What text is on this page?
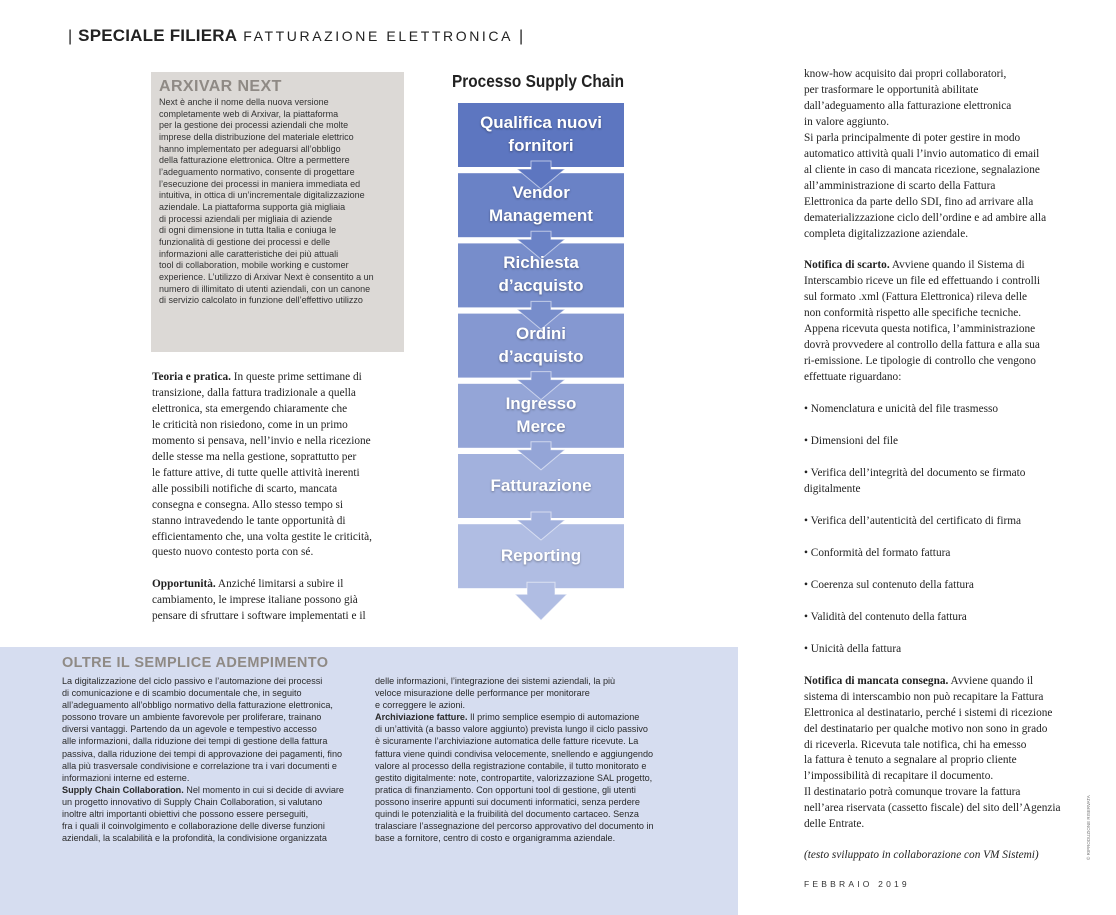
| SPECIALE FILIERA FATTURAZIONE ELETTRONICA |
ARXIVAR NEXT
Next è anche il nome della nuova versione
completamente web di Arxivar, la piattaforma
per la gestione dei processi aziendali che molte
imprese della distribuzione del materiale elettrico
hanno implementato per adeguarsi all’obbligo
della fatturazione elettronica. Oltre a permettere
l’adeguamento normativo, consente di progettare
l’esecuzione dei processi in maniera immediata ed
intuitiva, in ottica di un’incrementale digitalizzazione
aziendale. La piattaforma supporta già migliaia
di processi aziendali per migliaia di aziende
di ogni dimensione in tutta Italia e coniuga le
funzionalità di gestione dei processi e delle
informazioni alle caratteristiche dei più attuali
tool di collaboration, mobile working e customer
experience. L’utilizzo di Arxivar Next è consentito a un
numero di illimitato di utenti aziendali, con un canone
di servizio calcolato in funzione dell’effettivo utilizzo
Teoria e pratica. In queste prime settimane di
transizione, dalla fattura tradizionale a quella
elettronica, sta emergendo chiaramente che
le criticità non risiedono, come in un primo
momento si pensava, nell’invio e nella ricezione
delle stesse ma nella gestione, soprattutto per
le fatture attive, di tutte quelle attività inerenti
alle possibili notifiche di scarto, mancata
consegna e consegna. Allo stesso tempo si
stanno intravedendo le tante opportunità di
efficientamento che, una volta gestite le criticità,
questo nuovo contesto porta con sé.
Opportunità. Anziché limitarsi a subire il
cambiamento, le imprese italiane possono già
pensare di sfruttare i software implementati e il
Processo Supply Chain
Qualifica nuovi
fornitori
Vendor
Management
Richiesta
d’acquisto
Ordini
d’acquisto
Ingresso
Merce
Fatturazione
Reporting
know-how acquisito dai propri collaboratori,
per trasformare le opportunità abilitate
dall’adeguamento alla fatturazione elettronica
in valore aggiunto.
Si parla principalmente di poter gestire in modo
automatico attività quali l’invio automatico di email
al cliente in caso di mancata ricezione, segnalazione
all’amministrazione di scarto della Fattura
Elettronica da parte dello SDI, fino ad arrivare alla
dematerializzazione ciclo dell’ordine e ad ambire alla
completa digitalizzazione aziendale.
Notifica di scarto. Avviene quando il Sistema di
Interscambio riceve un file ed effettuando i controlli
sul formato .xml (Fattura Elettronica) rileva delle
non conformità rispetto alle specifiche tecniche.
Appena ricevuta questa notifica, l’amministrazione
dovrà provvedere al controllo della fattura e alla sua
ri-emissione. Le tipologie di controllo che vengono
effettuate riguardano:
• Nomenclatura e unicità del file trasmesso
• Dimensioni del file
• Verifica dell’integrità del documento se firmato
digitalmente
• Verifica dell’autenticità del certificato di firma
• Conformità del formato fattura
• Coerenza sul contenuto della fattura
• Validità del contenuto della fattura
• Unicità della fattura
Notifica di mancata consegna. Avviene quando il
sistema di interscambio non può recapitare la Fattura
Elettronica al destinatario, perché i sistemi di ricezione
del destinatario per qualche motivo non sono in grado
di riceverla. Ricevuta tale notifica, chi ha emesso
la fattura è tenuto a segnalare al proprio cliente
l’impossibilità di recapitare il documento.
Il destinatario potrà comunque trovare la fattura
nell’area riservata (cassetto fiscale) del sito dell’Agenzia
delle Entrate.
(testo sviluppato in collaborazione con VM Sistemi)
OLTRE IL SEMPLICE ADEMPIMENTO
La digitalizzazione del ciclo passivo e l’automazione dei processi
di comunicazione e di scambio documentale che, in seguito
all’adeguamento all’obbligo normativo della fatturazione elettronica,
possono trovare un ambiente favorevole per proliferare, trainano
diversi vantaggi. Partendo da un agevole e tempestivo accesso
alle informazioni, dalla riduzione dei tempi di gestione della fattura
passiva, dalla riduzione dei tempi di approvazione dei pagamenti, fino
alla più trasversale condivisione e correlazione tra i vari documenti e
informazioni interne ed esterne.
Supply Chain Collaboration. Nel momento in cui si decide di avviare
un progetto innovativo di Supply Chain Collaboration, si valutano
inoltre altri importanti obiettivi che possono essere perseguiti,
fra i quali il coinvolgimento e collaborazione delle diverse funzioni
aziendali, la scalabilità e la profondità, la condivisione organizzata
delle informazioni, l’integrazione dei sistemi aziendali, la più
veloce misurazione delle performance per monitorare
e correggere le azioni.
Archiviazione fatture. Il primo semplice esempio di automazione
di un’attività (a basso valore aggiunto) prevista lungo il ciclo passivo
è sicuramente l’archiviazione automatica delle fatture ricevute. La
fattura viene quindi condivisa velocemente, snellendo e aggiungendo
valore al processo della registrazione contabile, il tutto monitorato e
gestito digitalmente: note, contropartite, valorizzazione SAL progetto,
pratica di finanziamento. Con opportuni tool di gestione, gli utenti
possono inserire appunti sui documenti informatici, senza perdere
quindi le potenzialità e la fruibilità del documento cartaceo. Senza
tralasciare l’assegnazione del percorso approvativo del documento in
base a fornitore, centro di costo e organigramma aziendale.
FEBBRAIO 2019
© RIPRODUZIONE RISERVATA
